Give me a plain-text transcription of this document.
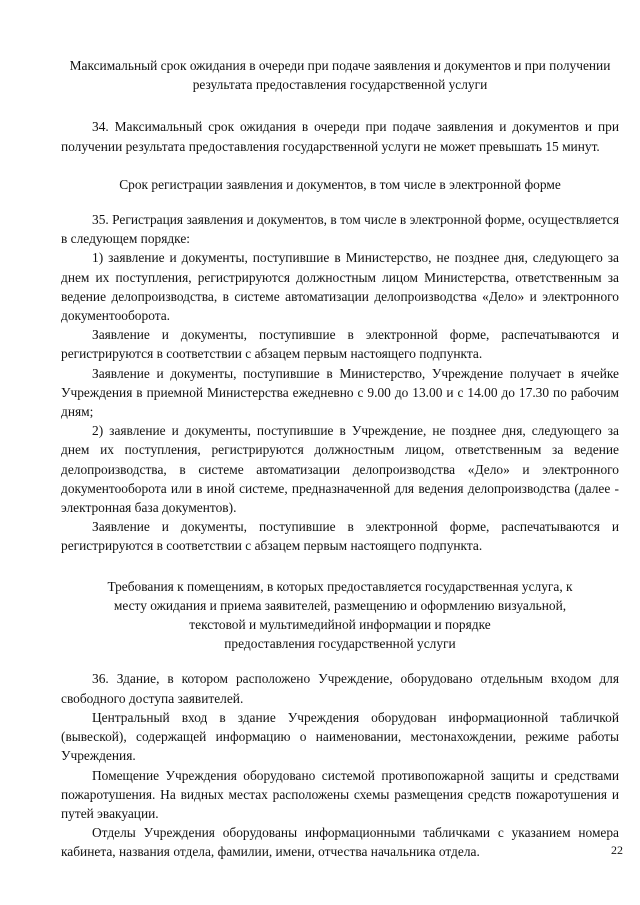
Максимальный срок ожидания в очереди при подаче заявления и документов и при получении результата предоставления государственной услуги

34. Максимальный срок ожидания в очереди при подаче заявления и документов и при получении результата предоставления государственной услуги не может превышать 15 минут.

Срок регистрации заявления и документов, в том числе в электронной форме

35. Регистрация заявления и документов, в том числе в электронной форме, осуществляется в следующем порядке:

1) заявление и документы, поступившие в Министерство, не позднее дня, следующего за днем их поступления, регистрируются должностным лицом Министерства, ответственным за ведение делопроизводства, в системе автоматизации делопроизводства «Дело» и электронного документооборота.

Заявление и документы, поступившие в электронной форме, распечатываются и регистрируются в соответствии с абзацем первым настоящего подпункта.

Заявление и документы, поступившие в Министерство, Учреждение получает в ячейке Учреждения в приемной Министерства ежедневно с 9.00 до 13.00 и с 14.00 до 17.30 по рабочим дням;

2) заявление и документы, поступившие в Учреждение, не позднее дня, следующего за днем их поступления, регистрируются должностным лицом, ответственным за ведение делопроизводства, в системе автоматизации делопроизводства «Дело» и электронного документооборота или в иной системе, предназначенной для ведения делопроизводства (далее - электронная база документов).

Заявление и документы, поступившие в электронной форме, распечатываются и регистрируются в соответствии с абзацем первым настоящего подпункта.

Требования к помещениям, в которых предоставляется государственная услуга, к
месту ожидания и приема заявителей, размещению и оформлению визуальной,
текстовой и мультимедийной информации и порядке
предоставления государственной услуги

36. Здание, в котором расположено Учреждение, оборудовано отдельным входом для свободного доступа заявителей.

Центральный вход в здание Учреждения оборудован информационной табличкой (вывеской), содержащей информацию о наименовании, местонахождении, режиме работы Учреждения.

Помещение Учреждения оборудовано системой противопожарной защиты и средствами пожаротушения. На видных местах расположены схемы размещения средств пожаротушения и путей эвакуации.

Отделы Учреждения оборудованы информационными табличками с указанием номера кабинета, названия отдела, фамилии, имени, отчества начальника отдела.	22
